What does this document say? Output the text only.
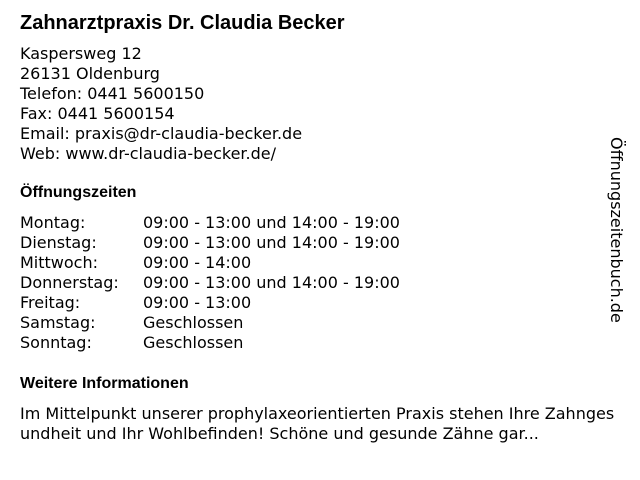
Zahnarztpraxis Dr. Claudia Becker
Kaspersweg 12
26131 Oldenburg
Telefon: 0441 5600150
Fax: 0441 5600154
Email: praxis@dr-claudia-becker.de
Web: www.dr-claudia-becker.de/
Öffnungszeiten
Montag:	09:00 - 13:00 und 14:00 - 19:00
Dienstag:	09:00 - 13:00 und 14:00 - 19:00
Mittwoch:	09:00 - 14:00
Donnerstag:	09:00 - 13:00 und 14:00 - 19:00
Freitag:	09:00 - 13:00
Samstag:	Geschlossen
Sonntag:	Geschlossen
Weitere Informationen
Im Mittelpunkt unserer prophylaxeorientierten Praxis stehen Ihre Zahngesundheit und Ihr Wohlbefinden! Schöne und gesunde Zähne gar...
Öffnungszeitenbuch.de
